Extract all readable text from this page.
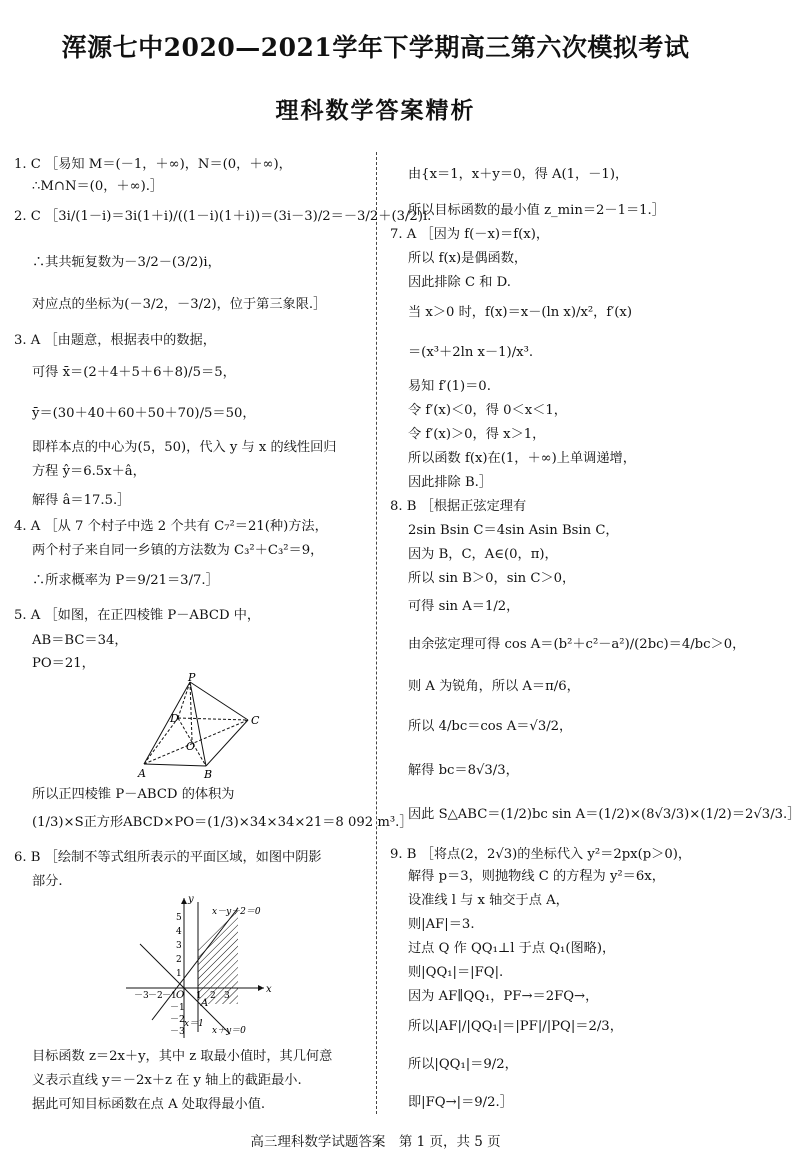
浑源七中2020—2021学年下学期高三第六次模拟考试
理科数学答案精析
1. C ［易知 M＝(－1，＋∞)，N＝(0，＋∞)，
∴M∩N＝(0，＋∞).］
2. C ［3i/(1－i)＝3i(1＋i)/((1－i)(1＋i))＝(3i－3)/2＝－3/2＋(3/2)i.
∴其共轭复数为－3/2－(3/2)i，
对应点的坐标为(－3/2，－3/2)，位于第三象限.］
3. A ［由题意，根据表中的数据，
可得 x̄＝(2＋4＋5＋6＋8)/5＝5，
ȳ＝(30＋40＋60＋50＋70)/5＝50，
即样本点的中心为(5，50)，代入 y 与 x 的线性回归
方程 ŷ＝6.5x＋â，
解得 â＝17.5.］
4. A ［从 7 个村子中选 2 个共有 C₇²＝21(种)方法，
两个村子来自同一乡镇的方法数为 C₃²＋C₃²＝9，
∴所求概率为 P＝9/21＝3/7.］
5. A ［如图，在正四棱锥 P－ABCD 中，
AB＝BC＝34，
PO＝21，
P
D	C
O
A	B
所以正四棱锥 P－ABCD 的体积为
(1/3)×S正方形ABCD×PO＝(1/3)×34×34×21＝8 092 m³.］
6. B ［绘制不等式组所表示的平面区域，如图中阴影
部分.
x
y
O
A
x－y＋2＝0
x＋y＝0
x＝1
－3 －2 －1 1 2 3
5
4
3
2
1
－1
－2
－3
目标函数 z＝2x＋y，其中 z 取最小值时，其几何意
义表示直线 y＝－2x＋z 在 y 轴上的截距最小.
据此可知目标函数在点 A 处取得最小值.
由{x＝1，x＋y＝0，得 A(1，－1)，
所以目标函数的最小值 z_min＝2－1＝1.］
7. A ［因为 f(－x)＝f(x)，
所以 f(x)是偶函数，
因此排除 C 和 D.
当 x＞0 时，f(x)＝x－(ln x)/x²，f′(x)
＝(x³＋2ln x－1)/x³.
易知 f′(1)＝0.
令 f′(x)＜0，得 0＜x＜1，
令 f′(x)＞0，得 x＞1，
所以函数 f(x)在(1，＋∞)上单调递增，
因此排除 B.］
8. B ［根据正弦定理有
2sin Bsin C＝4sin Asin Bsin C，
因为 B，C，A∈(0，π)，
所以 sin B＞0，sin C＞0，
可得 sin A＝1/2，
由余弦定理可得 cos A＝(b²＋c²－a²)/(2bc)＝4/bc＞0，
则 A 为锐角，所以 A＝π/6，
所以 4/bc＝cos A＝√3/2，
解得 bc＝8√3/3，
因此 S△ABC＝(1/2)bc sin A＝(1/2)×(8√3/3)×(1/2)＝2√3/3.］
9. B ［将点(2，2√3)的坐标代入 y²＝2px(p＞0)，
解得 p＝3，则抛物线 C 的方程为 y²＝6x，
设准线 l 与 x 轴交于点 A，
则|AF|＝3.
过点 Q 作 QQ₁⊥l 于点 Q₁(图略)，
则|QQ₁|＝|FQ|.
因为 AF∥QQ₁，PF→＝2FQ→，
所以|AF|/|QQ₁|＝|PF|/|PQ|＝2/3，
所以|QQ₁|＝9/2，
即|FQ→|＝9/2.］
高三理科数学试题答案　第 1 页，共 5 页
